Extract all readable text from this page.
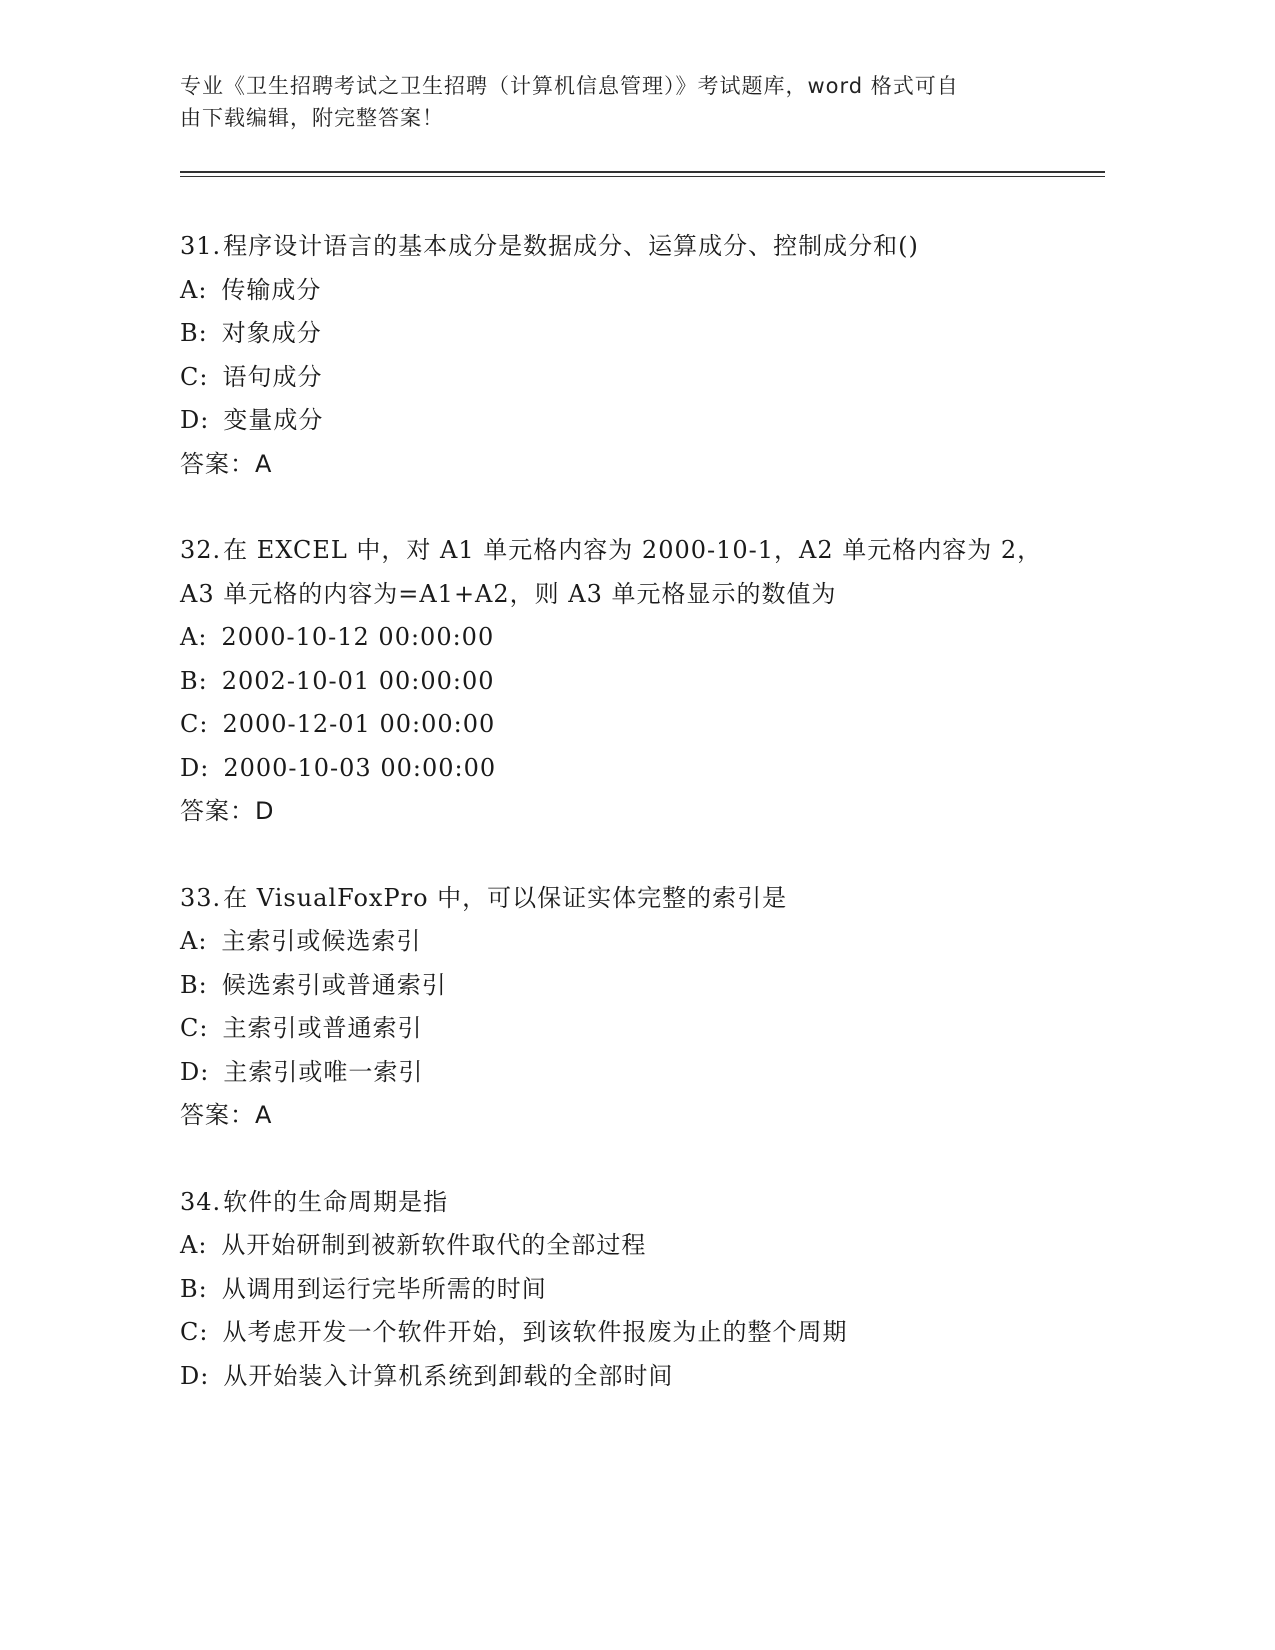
专业《卫生招聘考试之卫生招聘（计算机信息管理）》考试题库，word 格式可自
由下载编辑，附完整答案！
31.程序设计语言的基本成分是数据成分、运算成分、控制成分和()
A: 传输成分
B: 对象成分
C: 语句成分
D: 变量成分
答案：A
32.在 EXCEL 中，对 A1 单元格内容为 2000-10-1，A2 单元格内容为 2，
A3 单元格的内容为=A1+A2，则 A3 单元格显示的数值为
A: 2000-10-12 00:00:00
B: 2002-10-01 00:00:00
C: 2000-12-01 00:00:00
D: 2000-10-03 00:00:00
答案：D
33.在 VisualFoxPro 中，可以保证实体完整的索引是
A: 主索引或候选索引
B: 候选索引或普通索引
C: 主索引或普通索引
D: 主索引或唯一索引
答案：A
34.软件的生命周期是指
A: 从开始研制到被新软件取代的全部过程
B: 从调用到运行完毕所需的时间
C: 从考虑开发一个软件开始，到该软件报废为止的整个周期
D: 从开始装入计算机系统到卸载的全部时间
